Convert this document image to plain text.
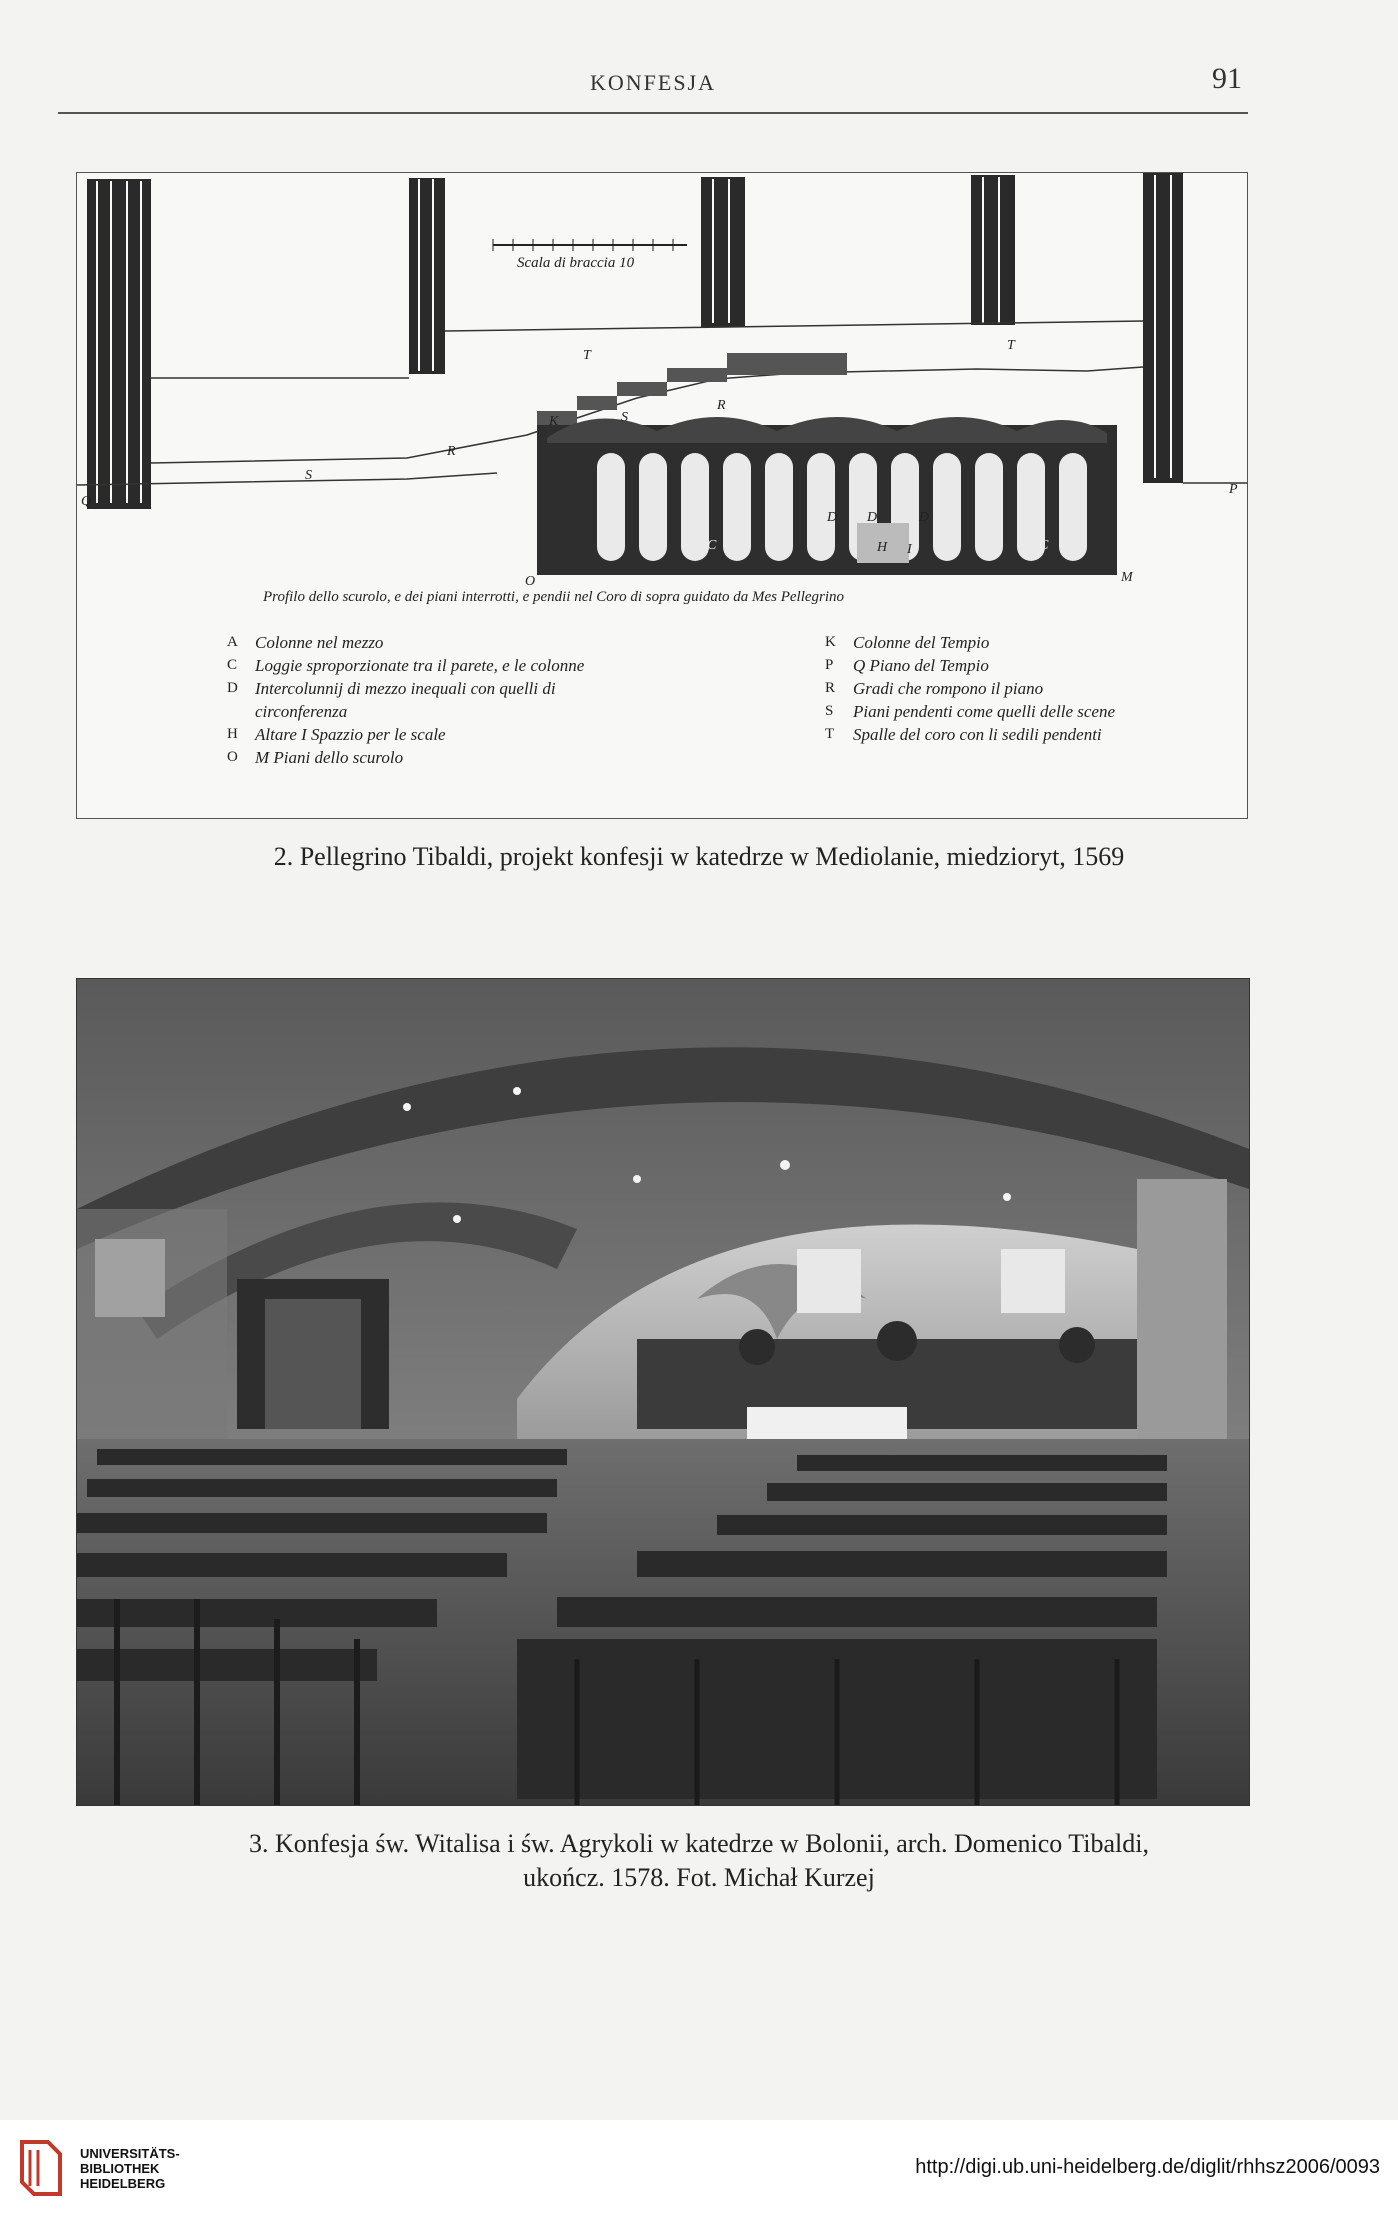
KONFESJA	91
Scala di braccia 10
T
T
R
R
S
S
K
Q
P
M
O
C	C
D D	D
H I
Profilo dello scurolo, e dei piani interrotti, e pendii nel Coro di sopra guidato da Mes Pellegrino
A	Colonne nel mezzo
C	Loggie sproporzionate tra il parete, e le colonne
D	Intercolunnij di mezzo inequali con quelli di
circonferenza
H	Altare I Spazzio per le scale
O	M Piani dello scurolo
K	Colonne del Tempio
P	Q Piano del Tempio
R	Gradi che rompono il piano
S	Piani pendenti come quelli delle scene
T	Spalle del coro con li sedili pendenti
2. Pellegrino Tibaldi, projekt konfesji w katedrze w Mediolanie, miedzioryt, 1569
3. Konfesja św. Witalisa i św. Agrykoli w katedrze w Bolonii, arch. Domenico Tibaldi,
ukończ. 1578. Fot. Michał Kurzej
UNIVERSITÄTS-
BIBLIOTHEK
HEIDELBERG
http://digi.ub.uni-heidelberg.de/diglit/rhhsz2006/0093
